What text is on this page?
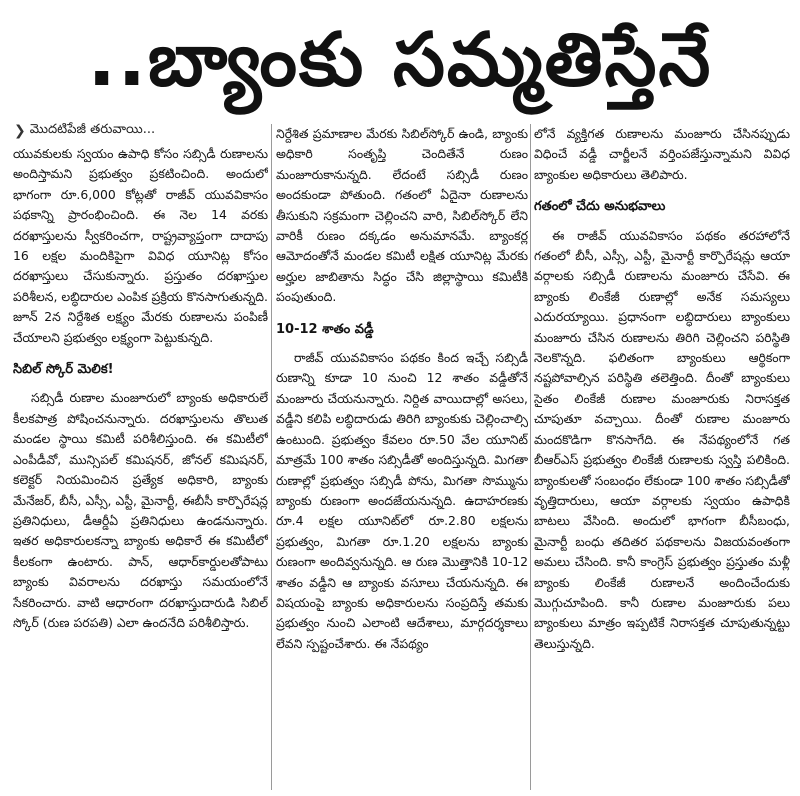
..బ్యాంకు సమ్మతిస్తేనే
❯ మొదటిపేజీ తరువాయి...

యువకులకు స్వయం ఉపాధి కోసం సబ్సిడీ రుణాలను అందిస్తామని ప్రభుత్వం ప్రకటించింది. అందులో భాగంగా రూ.6,000 కోట్లతో రాజీవ్ యువవికాసం పథకాన్ని ప్రారంభించింది. ఈ నెల 14 వరకు దరఖాస్తులను స్వీకరించగా, రాష్ట్రవ్యాప్తంగా దాదాపు 16 లక్షల మందికిపైగా వివిధ యూనిట్ల కోసం దరఖాస్తులు చేసుకున్నారు. ప్రస్తుతం దరఖాస్తుల పరిశీలన, లబ్ధిదారుల ఎంపిక ప్రక్రియ కొనసాగుతున్నది. జూన్ 2న నిర్దేశిత లక్ష్యం మేరకు రుణాలను పంపిణీ చేయాలని ప్రభుత్వం లక్ష్యంగా పెట్టుకున్నది.

సిబిల్ స్కోర్ మెలిక!

సబ్సిడీ రుణాల మంజూరులో బ్యాంకు అధికారులే కీలకపాత్ర పోషించనున్నారు. దరఖాస్తులను తొలుత మండల స్థాయి కమిటీ పరిశీలిస్తుంది. ఈ కమిటీలో ఎంపీడీవో, మున్సిపల్ కమిషనర్, జోనల్ కమిషనర్, కలెక్టర్ నియమించిన ప్రత్యేక అధికారి, బ్యాంకు మేనేజర్, బీసీ, ఎస్సీ, ఎస్టీ, మైనార్టీ, ఈబీసీ కార్పొరేషన్ల ప్రతినిధులు, డీఆర్డీఏ ప్రతినిధులు ఉండనున్నారు. ఇతర అధికారులకన్నా బ్యాంకు అధికారే ఈ కమిటీలో కీలకంగా ఉంటారు. పాన్, ఆధార్‌కార్డులతోపాటు బ్యాంకు వివరాలను దరఖాస్తు సమయంలోనే సేకరించారు. వాటి ఆధారంగా దరఖాస్తుదారుడి సిబిల్ స్కోర్ (రుణ పరపతి) ఎలా ఉందనేది పరిశీలిస్తారు.

నిర్దేశిత ప్రమాణాల మేరకు సిబిల్‌స్కోర్ ఉండి, బ్యాంకు అధికారి సంతృప్తి చెందితేనే రుణం మంజూరుకానున్నది. లేదంటే సబ్సిడీ రుణం అందకుండా పోతుంది. గతంలో ఏదైనా రుణాలను తీసుకుని సక్రమంగా చెల్లించని వారి, సిబిల్‌స్కోర్ లేని వారికీ రుణం దక్కడం అనుమానమే. బ్యాంకర్ల ఆమోదంతోనే మండల కమిటీ లక్షిత యూనిట్ల మేరకు అర్హుల జాబితాను సిద్ధం చేసి జిల్లాస్థాయి కమిటీకి పంపుతుంది.

10-12 శాతం వడ్డీ

రాజీవ్ యువవికాసం పథకం కింద ఇచ్చే సబ్సిడీ రుణాన్ని కూడా 10 నుంచి 12 శాతం వడ్డీతోనే మంజూరు చేయనున్నారు. నిర్దిత వాయిదాల్లో అసలు, వడ్డీని కలిపి లబ్ధిదారుడు తిరిగి బ్యాంకుకు చెల్లించాల్సి ఉంటుంది. ప్రభుత్వం కేవలం రూ.50 వేల యూనిట్ మాత్రమే 100 శాతం సబ్సిడీతో అందిస్తున్నది. మిగతా రుణాల్లో ప్రభుత్వం సబ్సిడీ పోను, మిగతా సొమ్మును బ్యాంకు రుణంగా అందజేయనున్నది. ఉదాహరణకు రూ.4 లక్షల యూనిట్‌లో రూ.2.80 లక్షలను ప్రభుత్వం, మిగతా రూ.1.20 లక్షలను బ్యాంకు రుణంగా అందివ్వనున్నది. ఆ రుణ మొత్తానికి 10-12 శాతం వడ్డీని ఆ బ్యాంకు వసూలు చేయనున్నది. ఈ విషయంపై బ్యాంకు అధికారులను సంప్రదిస్తే తమకు ప్రభుత్వం నుంచి ఎలాంటి ఆదేశాలు, మార్గదర్శకాలు లేవని స్పష్టంచేశారు. ఈ నేపథ్యం

లోనే వ్యక్తిగత రుణాలను మంజూరు చేసినప్పుడు విధించే వడ్డీ చార్జీలనే వర్తింపజేస్తున్నామని వివిధ బ్యాంకుల అధికారులు తెలిపారు.

గతంలో చేదు అనుభవాలు

ఈ రాజీవ్ యువవికాసం పథకం తరహాలోనే గతంలో బీసీ, ఎస్సీ, ఎస్టీ, మైనార్టీ కార్పొరేషన్లు ఆయా వర్గాలకు సబ్సిడీ రుణాలను మంజూరు చేసేవి. ఈ బ్యాంకు లింకేజీ రుణాల్లో అనేక సమస్యలు ఎదురయ్యాయి. ప్రధానంగా లబ్ధిదారులు బ్యాంకులు మంజూరు చేసిన రుణాలను తిరిగి చెల్లించని పరిస్థితి నెలకొన్నది. ఫలితంగా బ్యాంకులు ఆర్థికంగా నష్టపోవాల్సిన పరిస్థితి తలెత్తింది. దీంతో బ్యాంకులు సైతం లింకేజీ రుణాల మంజూరుకు నిరాసక్తత చూపుతూ వచ్చాయి. దీంతో రుణాల మంజూరు మందకొడిగా కొనసాగేది. ఈ నేపథ్యంలోనే గత బీఆర్ఎస్ ప్రభుత్వం లింకేజీ రుణాలకు స్వస్తి పలికింది. బ్యాంకులతో సంబంధం లేకుండా 100 శాతం సబ్సిడీతో వృత్తిదారులు, ఆయా వర్గాలకు స్వయం ఉపాధికి బాటలు వేసింది. అందులో భాగంగా బీసీబంధు, మైనార్టీ బంధు తదితర పథకాలను విజయవంతంగా అమలు చేసింది. కానీ కాంగ్రెస్ ప్రభుత్వం ప్రస్తుతం మళ్లీ బ్యాంకు లింకేజీ రుణాలనే అందించేందుకు మొగ్గుచూపింది. కానీ రుణాల మంజూరుకు పలు బ్యాంకులు మాత్రం ఇప్పటికే నిరాసక్తత చూపుతున్నట్టు తెలుస్తున్నది.
